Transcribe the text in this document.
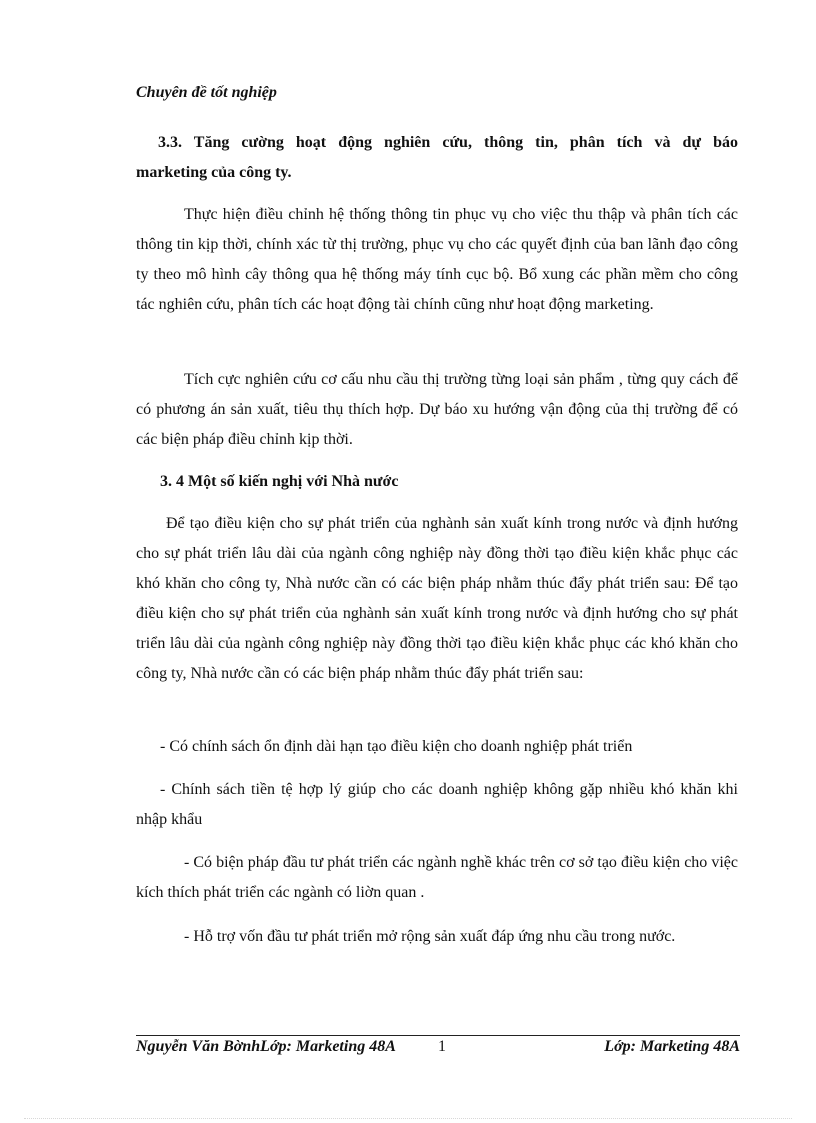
Chuyên đề tốt nghiệp
3.3. Tăng cường hoạt động nghiên cứu, thông tin, phân tích và dự báo
marketing của công ty.
Thực hiện điều chỉnh hệ thống thông tin phục vụ cho việc thu thập và phân tích các thông tin kịp thời, chính xác từ thị trường, phục vụ cho các quyết định của ban lãnh đạo công ty theo mô hình cây thông qua hệ thống máy tính cục bộ. Bổ xung các phần mềm cho công tác nghiên cứu, phân tích các hoạt động tài chính cũng như hoạt động marketing.
Tích cực nghiên cứu cơ cấu nhu cầu thị trường từng loại sản phẩm , từng quy cách để có phương án sản xuất, tiêu thụ thích hợp. Dự báo xu hướng vận động của thị trường để có các biện pháp điều chỉnh kịp thời.
3. 4 Một số kiến nghị với Nhà nước
Để tạo điều kiện cho sự phát triển của nghành sản xuất kính trong nước và định hướng cho sự phát triển lâu dài của ngành công nghiệp này đồng thời tạo điều kiện khắc phục các khó khăn cho công ty, Nhà nước cần có các biện pháp nhằm thúc đẩy phát triển sau: Để tạo điều kiện cho sự phát triển của nghành sản xuất kính trong nước và định hướng cho sự phát triển lâu dài của ngành công nghiệp này đồng thời tạo điều kiện khắc phục các khó khăn cho công ty, Nhà nước cần có các biện pháp nhằm thúc đẩy phát triển sau:
- Có chính sách ổn định dài hạn tạo điều kiện cho doanh nghiệp phát triển
- Chính sách tiền tệ hợp lý giúp cho các doanh nghiệp không gặp nhiều khó khăn khi nhập khẩu
- Có biện pháp đầu tư phát triển các ngành nghề khác trên cơ sở tạo điều kiện cho việc kích thích phát triển các ngành có liờn quan .
- Hỗ trợ vốn đầu tư phát triển mở rộng sản xuất đáp ứng nhu cầu trong nước.
Nguyễn Văn BờnhLớp: Marketing 48A	1	Lớp: Marketing 48A
